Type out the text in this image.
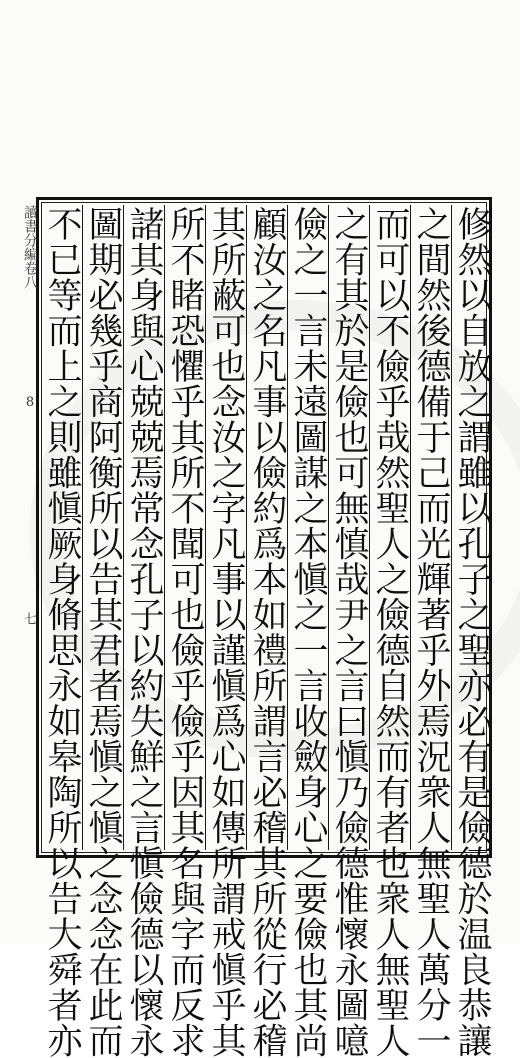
讀書分編卷八
8
七	修然以自放之謂雖以孔子之聖亦必有是儉德於温良恭讓
之間然後德備于己而光輝著乎外焉況衆人無聖人萬分一
而可以不儉乎哉然聖人之儉德自然而有者也衆人無聖人
之有其於是儉也可無慎哉尹之言曰愼乃儉德惟懷永圖噫
儉之一言未遠圖謀之本愼之一言收斂身心之要儉也其尚
顧汝之名凡事以儉約爲本如禮所謂言必稽其所從行必稽
其所蔽可也念汝之字凡事以謹愼爲心如傳所謂戒愼乎其
所不睹恐懼乎其所不聞可也儉乎儉乎因其名與字而反求
諸其身與心兢兢焉常念孔子以約失鮮之言愼儉德以懷永
圖期必幾乎商阿衡所以告其君者焉愼之愼之念念在此而
不已等而上之則雖愼厥身脩思永如皋陶所以告大舜者亦
